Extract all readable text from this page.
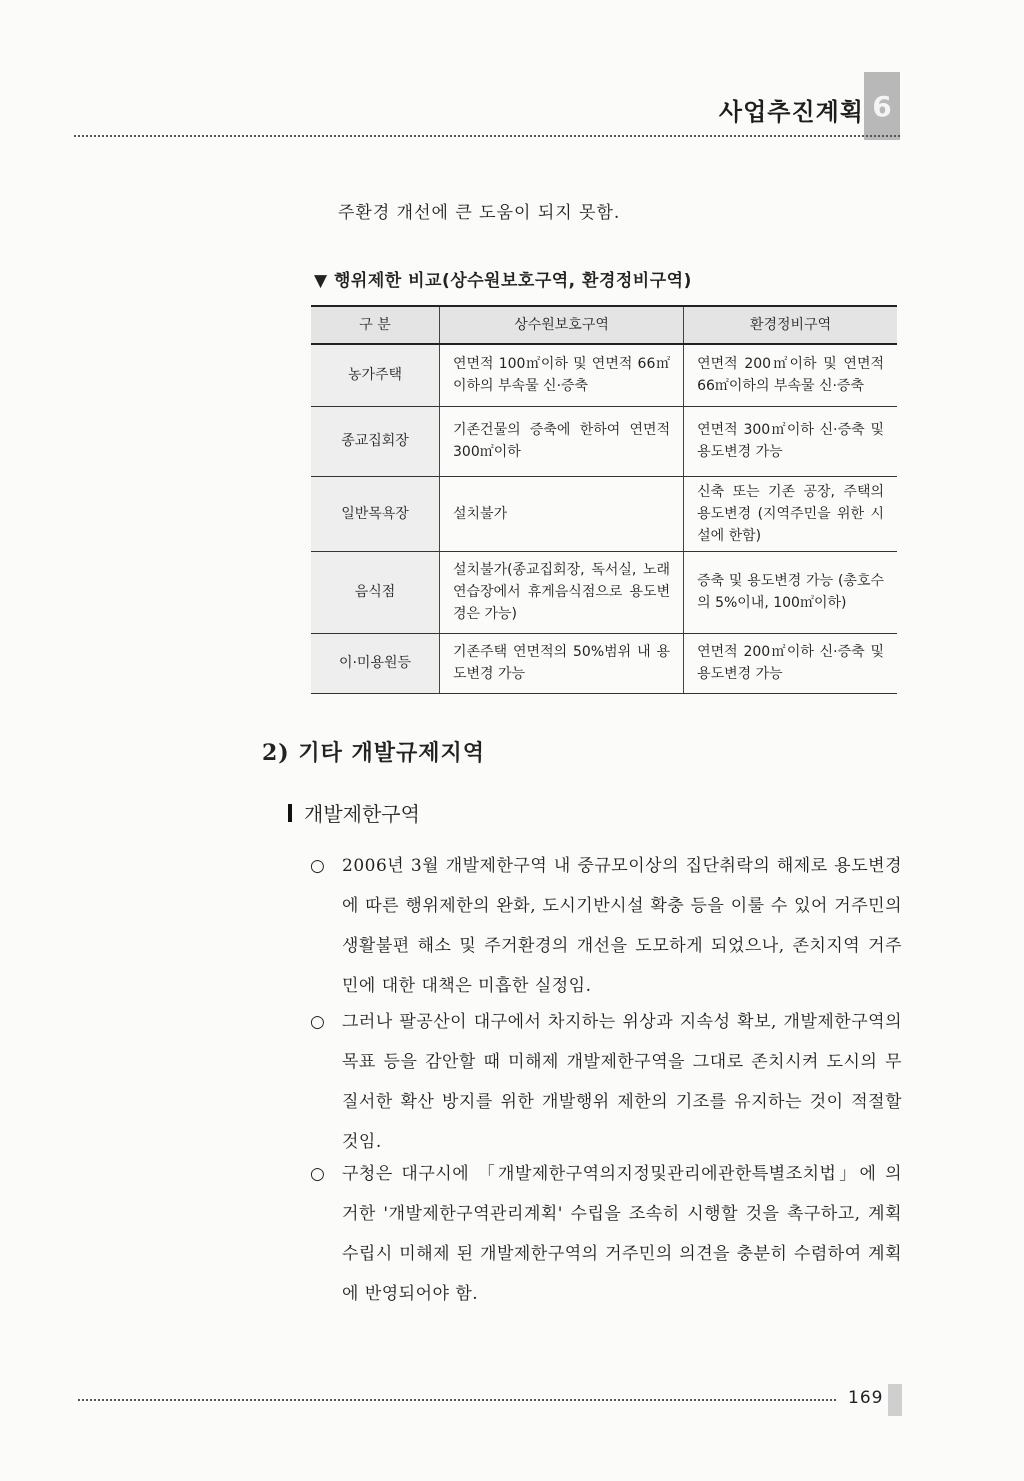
사업추진계획 6
주환경 개선에 큰 도움이 되지 못함.
▼ 행위제한 비교(상수원보호구역, 환경정비구역)
구 분	상수원보호구역	환경정비구역
농가주택	연면적 100㎡이하 및 연면적 66㎡이하의 부속물 신·증축	연면적 200㎡이하 및 연면적 66㎡이하의 부속물 신·증축
종교집회장	기존건물의 증축에 한하여 연면적 300㎡이하	연면적 300㎡이하 신·증축 및 용도변경 가능
일반목욕장	설치불가	신축 또는 기존 공장, 주택의 용도변경 (지역주민을 위한 시설에 한함)
음식점	설치불가(종교집회장, 독서실, 노래연습장에서 휴게음식점으로 용도변경은 가능)	증축 및 용도변경 가능 (총호수의 5%이내, 100㎡이하)
이·미용원등	기존주택 연면적의 50%범위 내 용도변경 가능	연면적 200㎡이하 신·증축 및 용도변경 가능
2) 기타 개발규제지역
개발제한구역
○ 2006년 3월 개발제한구역 내 중규모이상의 집단취락의 해제로 용도변경에 따른 행위제한의 완화, 도시기반시설 확충 등을 이룰 수 있어 거주민의 생활불편 해소 및 주거환경의 개선을 도모하게 되었으나, 존치지역 거주민에 대한 대책은 미흡한 실정임.
○ 그러나 팔공산이 대구에서 차지하는 위상과 지속성 확보, 개발제한구역의 목표 등을 감안할 때 미해제 개발제한구역을 그대로 존치시켜 도시의 무질서한 확산 방지를 위한 개발행위 제한의 기조를 유지하는 것이 적절할 것임.
○ 구청은 대구시에 「개발제한구역의지정및관리에관한특별조치법」에 의거한 '개발제한구역관리계획' 수립을 조속히 시행할 것을 촉구하고, 계획수립시 미해제 된 개발제한구역의 거주민의 의견을 충분히 수렴하여 계획에 반영되어야 함.
169
